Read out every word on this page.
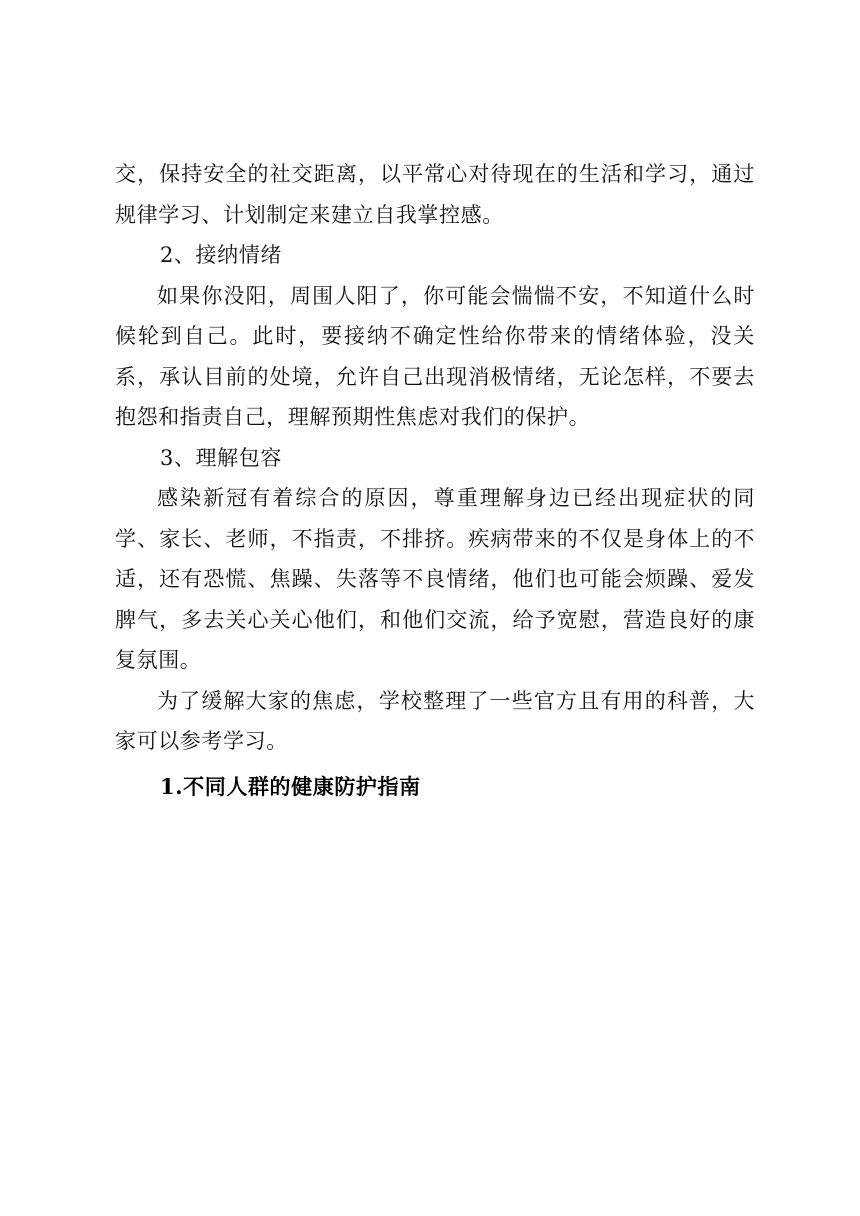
交，保持安全的社交距离，以平常心对待现在的生活和学习，通过规律学习、计划制定来建立自我掌控感。

2、接纳情绪

如果你没阳，周围人阳了，你可能会惴惴不安，不知道什么时候轮到自己。此时，要接纳不确定性给你带来的情绪体验，没关系，承认目前的处境，允许自己出现消极情绪，无论怎样，不要去抱怨和指责自己，理解预期性焦虑对我们的保护。

3、理解包容

感染新冠有着综合的原因，尊重理解身边已经出现症状的同学、家长、老师，不指责，不排挤。疾病带来的不仅是身体上的不适，还有恐慌、焦躁、失落等不良情绪，他们也可能会烦躁、爱发脾气，多去关心关心他们，和他们交流，给予宽慰，营造良好的康复氛围。

为了缓解大家的焦虑，学校整理了一些官方且有用的科普，大家可以参考学习。

1.不同人群的健康防护指南
